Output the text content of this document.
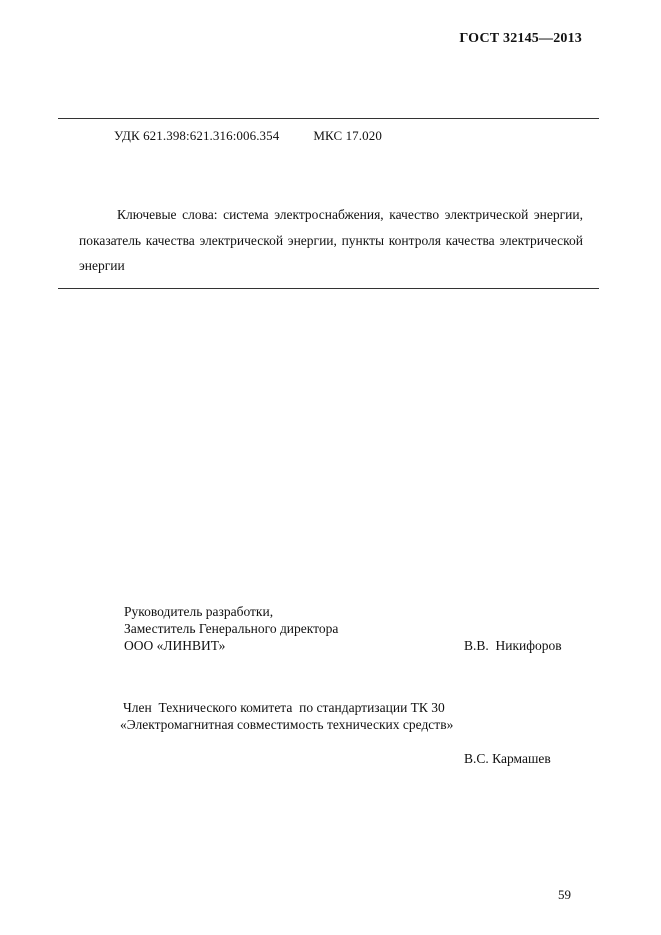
ГОСТ 32145—2013
УДК 621.398:621.316:006.354	МКС 17.020

Ключевые слова: система электроснабжения, качество электрической энергии, показатель качества электрической энергии, пункты контроля качества электрической энергии

Руководитель разработки,
Заместитель Генерального директора
ООО «ЛИНВИТ»	В.В.  Никифоров
Член  Технического комитета  по стандартизации ТК 30
«Электромагнитная совместимость технических средств»
В.С. Кармашев
59
